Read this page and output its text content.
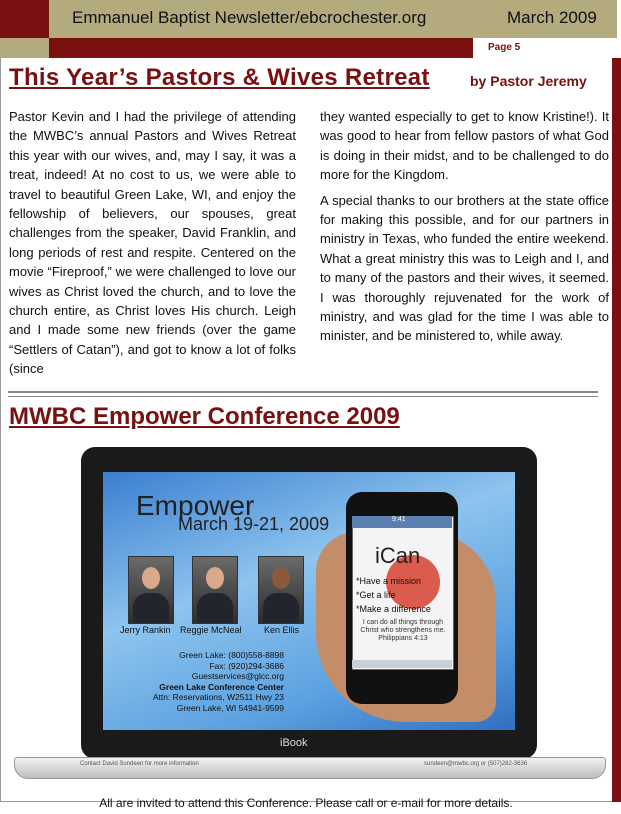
Emmanuel Baptist Newsletter/ebcrochester.org	March 2009
Page 5
This Year’s Pastors & Wives Retreat	by Pastor Jeremy

Pastor Kevin and I had the privilege of attending the MWBC’s annual Pastors and Wives Retreat this year with our wives, and, may I say, it was a treat, indeed! At no cost to us, we were able to travel to beautiful Green Lake, WI, and enjoy the fellowship of believers, our spouses, great challenges from the speaker, David Franklin, and long periods of rest and respite. Centered on the movie “Fireproof,” we were challenged to love our wives as Christ loved the church, and to love the church entire, as Christ loves His church. Leigh and I made some new friends (over the game “Settlers of Catan”), and got to know a lot of folks (since

they wanted especially to get to know Kristine!). It was good to hear from fellow pastors of what God is doing in their midst, and to be challenged to do more for the Kingdom.

A special thanks to our brothers at the state office for making this possible, and for our partners in ministry in Texas, who funded the entire weekend. What a great ministry this was to Leigh and I, and to many of the pastors and their wives, it seemed. I was thoroughly rejuvenated for the work of ministry, and was glad for the time I was able to minister, and be ministered to, while away.

MWBC Empower Conference 2009
Empower
March 19-21, 2009
Jerry Rankin Reggie McNeal Ken Ellis
Green Lake: (800)558-8898
Fax: (920)294-3686
Guestservices@glcc.org
Green Lake Conference Center
Attn: Reservations, W2511 Hwy 23
Green Lake, WI 54941-9599
9:41
iCan
*Have a mission
*Get a life
*Make a difference
I can do all things through Christ who strengthens me. Philippians 4:13
iBook
Contact David Sundeen for more information	sundeen@mwbc.org or (507)282-3636
All are invited to attend this Conference. Please call or e-mail for more details.
